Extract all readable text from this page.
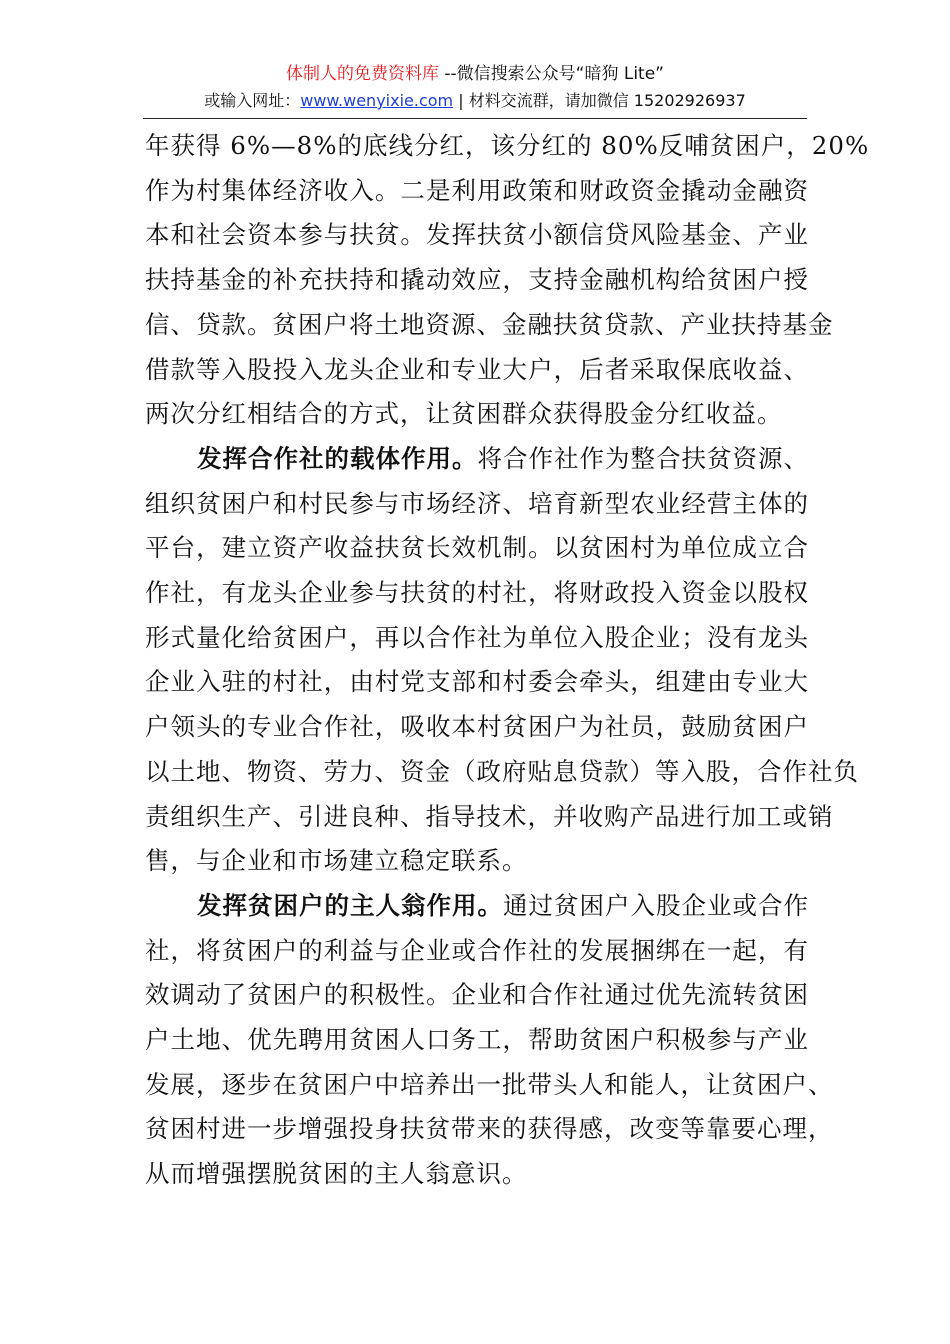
体制人的免费资料库 --微信搜索公众号“暗狗 Lite”
或输入网址：www.wenyixie.com | 材料交流群，请加微信 15202926937
年获得 6%—8%的底线分红，该分红的 80%反哺贫困户，20%
作为村集体经济收入。二是利用政策和财政资金撬动金融资
本和社会资本参与扶贫。发挥扶贫小额信贷风险基金、产业
扶持基金的补充扶持和撬动效应，支持金融机构给贫困户授
信、贷款。贫困户将土地资源、金融扶贫贷款、产业扶持基金
借款等入股投入龙头企业和专业大户，后者采取保底收益、
两次分红相结合的方式，让贫困群众获得股金分红收益。
发挥合作社的载体作用。将合作社作为整合扶贫资源、
组织贫困户和村民参与市场经济、培育新型农业经营主体的
平台，建立资产收益扶贫长效机制。以贫困村为单位成立合
作社，有龙头企业参与扶贫的村社，将财政投入资金以股权
形式量化给贫困户，再以合作社为单位入股企业；没有龙头
企业入驻的村社，由村党支部和村委会牵头，组建由专业大
户领头的专业合作社，吸收本村贫困户为社员，鼓励贫困户
以土地、物资、劳力、资金（政府贴息贷款）等入股，合作社负
责组织生产、引进良种、指导技术，并收购产品进行加工或销
售，与企业和市场建立稳定联系。
发挥贫困户的主人翁作用。通过贫困户入股企业或合作
社，将贫困户的利益与企业或合作社的发展捆绑在一起，有
效调动了贫困户的积极性。企业和合作社通过优先流转贫困
户土地、优先聘用贫困人口务工，帮助贫困户积极参与产业
发展，逐步在贫困户中培养出一批带头人和能人，让贫困户、
贫困村进一步增强投身扶贫带来的获得感，改变等靠要心理，
从而增强摆脱贫困的主人翁意识。
